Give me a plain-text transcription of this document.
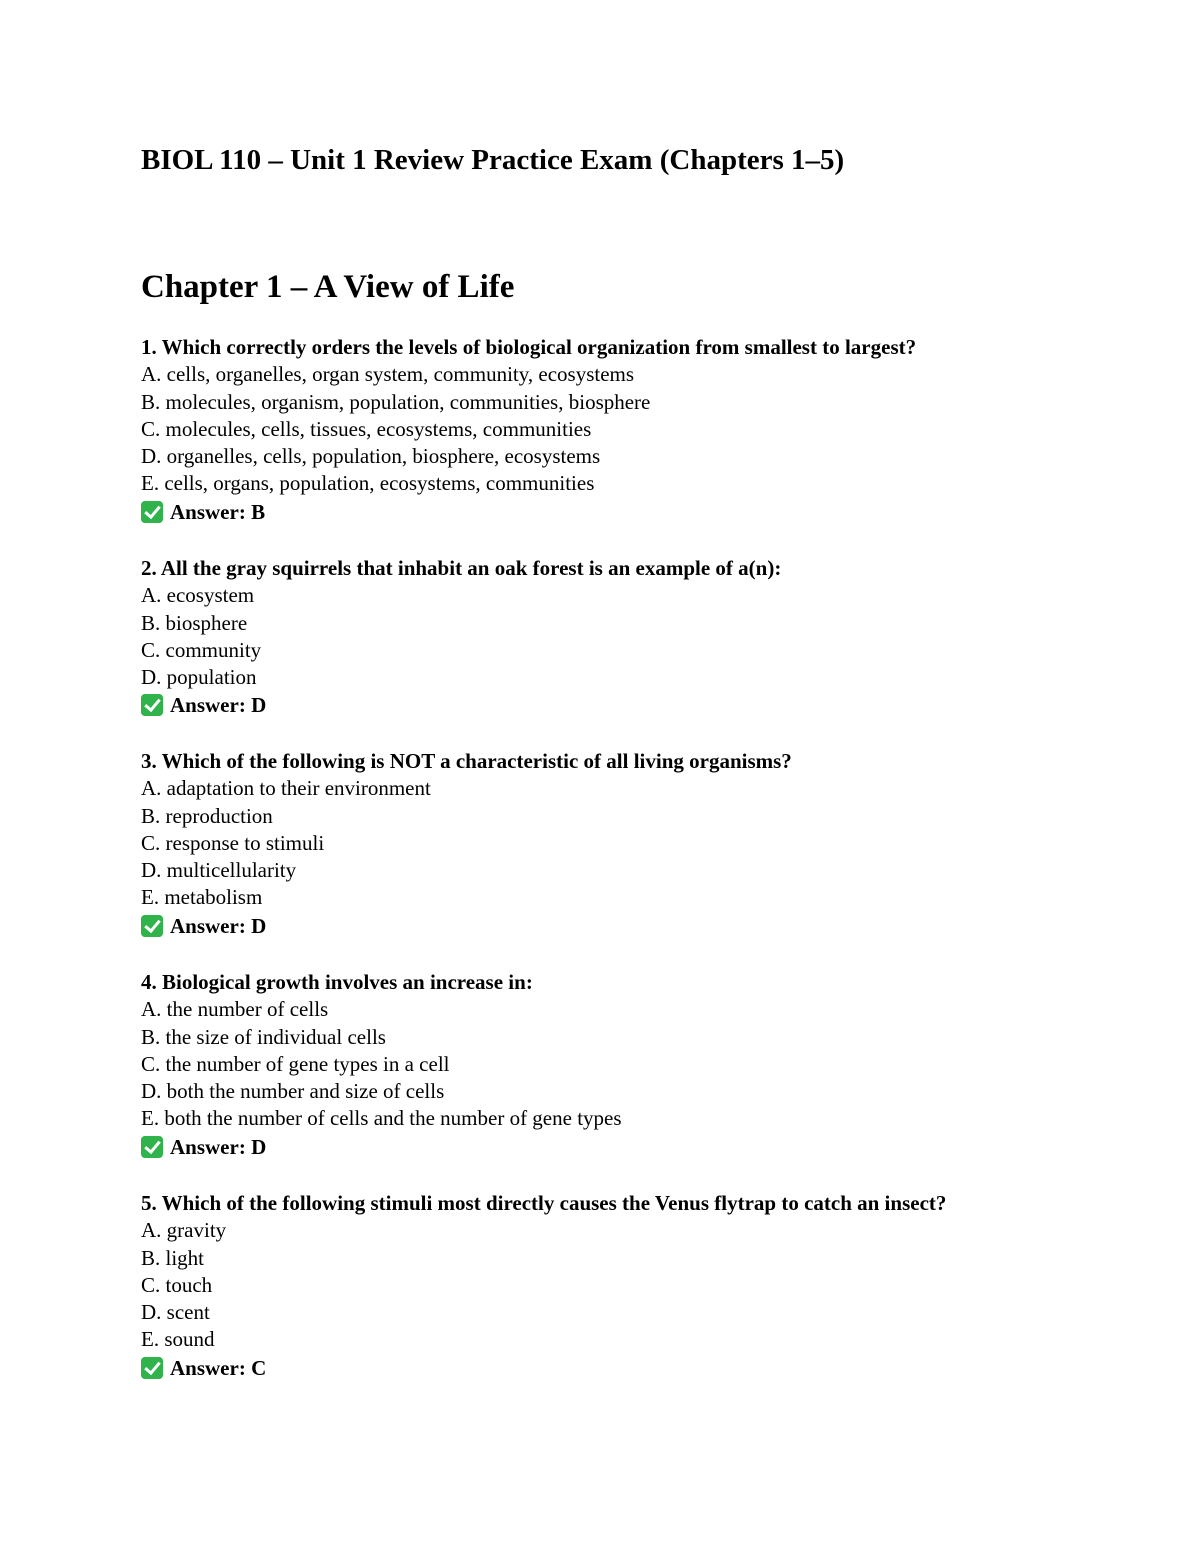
BIOL 110 – Unit 1 Review Practice Exam (Chapters 1–5)
Chapter 1 – A View of Life
1. Which correctly orders the levels of biological organization from smallest to largest?
A. cells, organelles, organ system, community, ecosystems
B. molecules, organism, population, communities, biosphere
C. molecules, cells, tissues, ecosystems, communities
D. organelles, cells, population, biosphere, ecosystems
E. cells, organs, population, ecosystems, communities
Answer: B
2. All the gray squirrels that inhabit an oak forest is an example of a(n):
A. ecosystem
B. biosphere
C. community
D. population
Answer: D
3. Which of the following is NOT a characteristic of all living organisms?
A. adaptation to their environment
B. reproduction
C. response to stimuli
D. multicellularity
E. metabolism
Answer: D
4. Biological growth involves an increase in:
A. the number of cells
B. the size of individual cells
C. the number of gene types in a cell
D. both the number and size of cells
E. both the number of cells and the number of gene types
Answer: D
5. Which of the following stimuli most directly causes the Venus flytrap to catch an insect?
A. gravity
B. light
C. touch
D. scent
E. sound
Answer: C
